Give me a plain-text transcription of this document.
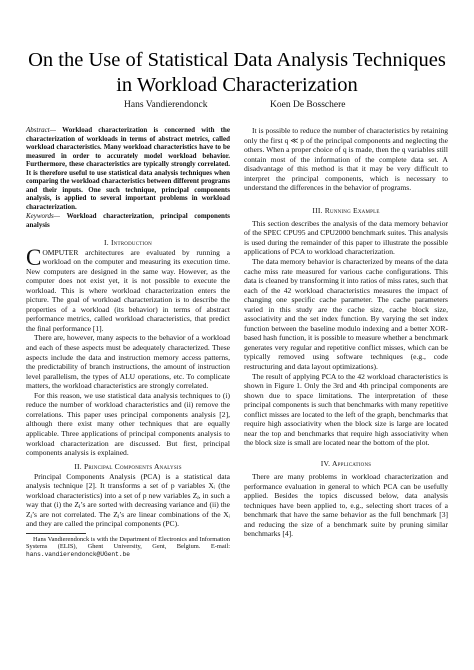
On the Use of Statistical Data Analysis Techniques in Workload Characterization
Hans Vandierendonck	Koen De Bosschere
Abstract— Workload characterization is concerned with the characterization of workloads in terms of abstract metrics, called workload characteristics. Many workload characteristics have to be measured in order to accurately model workload behavior. Furthermore, these characteristics are typically strongly correlated. It is therefore useful to use statistical data analysis techniques when comparing the workload characteristics between different programs and their inputs. One such technique, principal components analysis, is applied to several important problems in workload characterization.
Keywords— Workload characterization, principal components analysis
I. Introduction

COMPUTER architectures are evaluated by running a workload on the computer and measuring its execution time. New computers are designed in the same way. However, as the computer does not exist yet, it is not possible to execute the workload. This is where workload characterization enters the picture. The goal of workload characterization is to describe the properties of a workload (its behavior) in terms of abstract performance metrics, called workload characteristics, that predict the final performance [1].

There are, however, many aspects to the behavior of a workload and each of these aspects must be adequately characterized. These aspects include the data and instruction memory access patterns, the predictability of branch instructions, the amount of instruction level parallelism, the types of ALU operations, etc. To complicate matters, the workload characteristics are strongly correlated.

For this reason, we use statistical data analysis techniques to (i) reduce the number of workload characteristics and (ii) remove the correlations. This paper uses principal components analysis [2], although there exist many other techniques that are equally applicable. Three applications of principal components analysis to workload characterization are discussed. But first, principal components analysis is explained.

II. Principal Components Analysis

Principal Components Analysis (PCA) is a statistical data analysis technique [2]. It transforms a set of p variables Xᵢ (the workload characteristics) into a set of p new variables Zⱼ, in such a way that (i) the Zⱼ’s are sorted with decreasing variance and (ii) the Zⱼ’s are not correlated. The Zⱼ’s are linear combinations of the Xᵢ and they are called the principal components (PC).

Hans Vandierendonck is with the Department of Electronics and Information Systems (ELIS), Ghent University, Gent, Belgium. E-mail: hans.vandierendonck@UGent.be

It is possible to reduce the number of characteristics by retaining only the first q ≪ p of the principal components and neglecting the others. When a proper choice of q is made, then the q variables still contain most of the information of the complete data set. A disadvantage of this method is that it may be very difficult to interpret the principal components, which is necessary to understand the differences in the behavior of programs.

III. Running Example

This section describes the analysis of the data memory behavior of the SPEC CPU95 and CPU2000 benchmark suites. This analysis is used during the remainder of this paper to illustrate the possible applications of PCA to workload characterization.

The data memory behavior is characterized by means of the data cache miss rate measured for various cache configurations. This data is cleaned by transforming it into ratios of miss rates, such that each of the 42 workload characteristics measures the impact of changing one specific cache parameter. The cache parameters varied in this study are the cache size, cache block size, associativity and the set index function. By varying the set index function between the baseline modulo indexing and a better XOR-based hash function, it is possible to measure whether a benchmark generates very regular and repetitive conflict misses, which can be typically removed using software techniques (e.g., code restructuring and data layout optimizations).

The result of applying PCA to the 42 workload characteristics is shown in Figure 1. Only the 3rd and 4th principal components are shown due to space limitations. The interpretation of these principal components is such that benchmarks with many repetitive conflict misses are located to the left of the graph, benchmarks that require high associativity when the block size is large are located near the top and benchmarks that require high associativity when the block size is small are located near the bottom of the plot.

IV. Applications

There are many problems in workload characterization and performance evaluation in general to which PCA can be usefully applied. Besides the topics discussed below, data analysis techniques have been applied to, e.g., selecting short traces of a benchmark that have the same behavior as the full benchmark [3] and reducing the size of a benchmark suite by pruning similar benchmarks [4].
